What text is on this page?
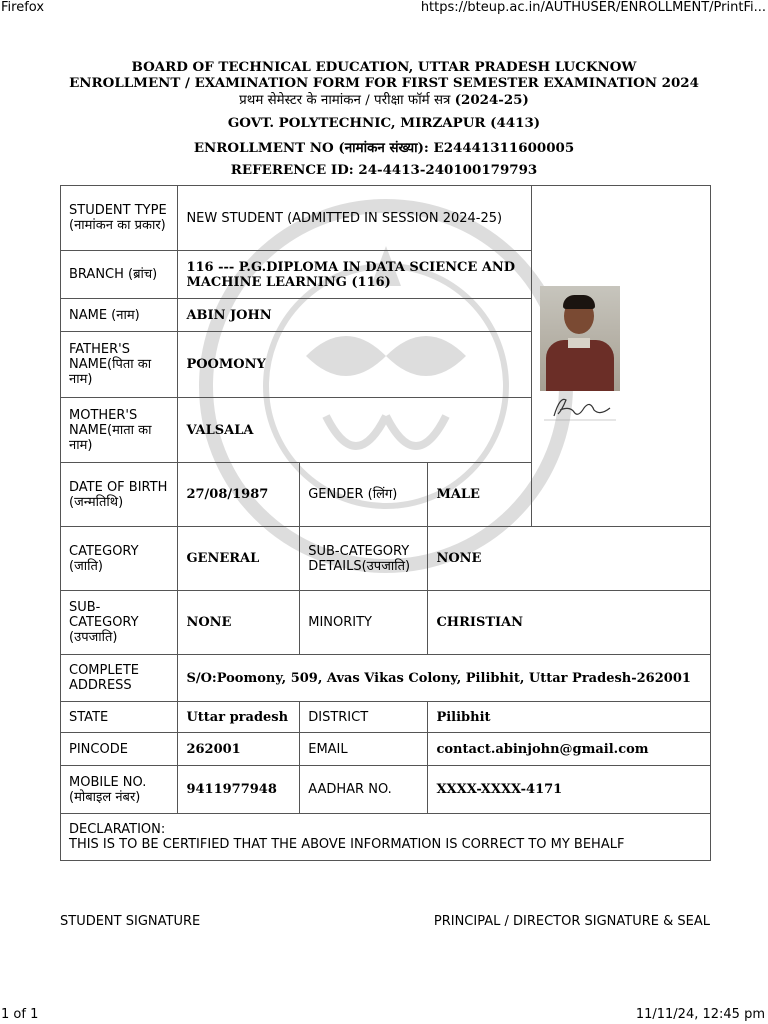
Firefox	https://bteup.ac.in/AUTHUSER/ENROLLMENT/PrintFi...
BOARD OF TECHNICAL EDUCATION, UTTAR PRADESH LUCKNOW
ENROLLMENT / EXAMINATION FORM FOR FIRST SEMESTER EXAMINATION 2024
प्रथम सेमेस्टर के नामांकन / परीक्षा फॉर्म सत्र (2024-25)
GOVT. POLYTECHNIC, MIRZAPUR (4413)
ENROLLMENT NO (नामांकन संख्या): E24441311600005
REFERENCE ID: 24-4413-240100179793
STUDENT TYPE (नामांकन का प्रकार)	NEW STUDENT (ADMITTED IN SESSION 2024-25)	

BRANCH (ब्रांच)	116 --- P.G.DIPLOMA IN DATA SCIENCE AND MACHINE LEARNING (116)			
NAME (नाम)	ABIN JOHN			
FATHER'S NAME(पिता का नाम)	POOMONY			
MOTHER'S NAME(माता का नाम)	VALSALA			
DATE OF BIRTH (जन्मतिथि)	27/08/1987	GENDER (लिंग)	MALE	
CATEGORY (जाति)	GENERAL	SUB-CATEGORY DETAILS(उपजाति)	NONE	
SUB-CATEGORY (उपजाति)	NONE	MINORITY	CHRISTIAN	
COMPLETE ADDRESS	S/O:Poomony, 509, Avas Vikas Colony, Pilibhit, Uttar Pradesh-262001			
STATE	Uttar pradesh	DISTRICT	Pilibhit	
PINCODE	262001	EMAIL	contact.abinjohn@gmail.com	
MOBILE NO. (मोबाइल नंबर)	9411977948	AADHAR NO.	XXXX-XXXX-4171	

DECLARATION:
THIS IS TO BE CERTIFIED THAT THE ABOVE INFORMATION IS CORRECT TO MY BEHALF				
STUDENT SIGNATURE	PRINCIPAL / DIRECTOR SIGNATURE & SEAL
1 of 1	11/11/24, 12:45 pm
